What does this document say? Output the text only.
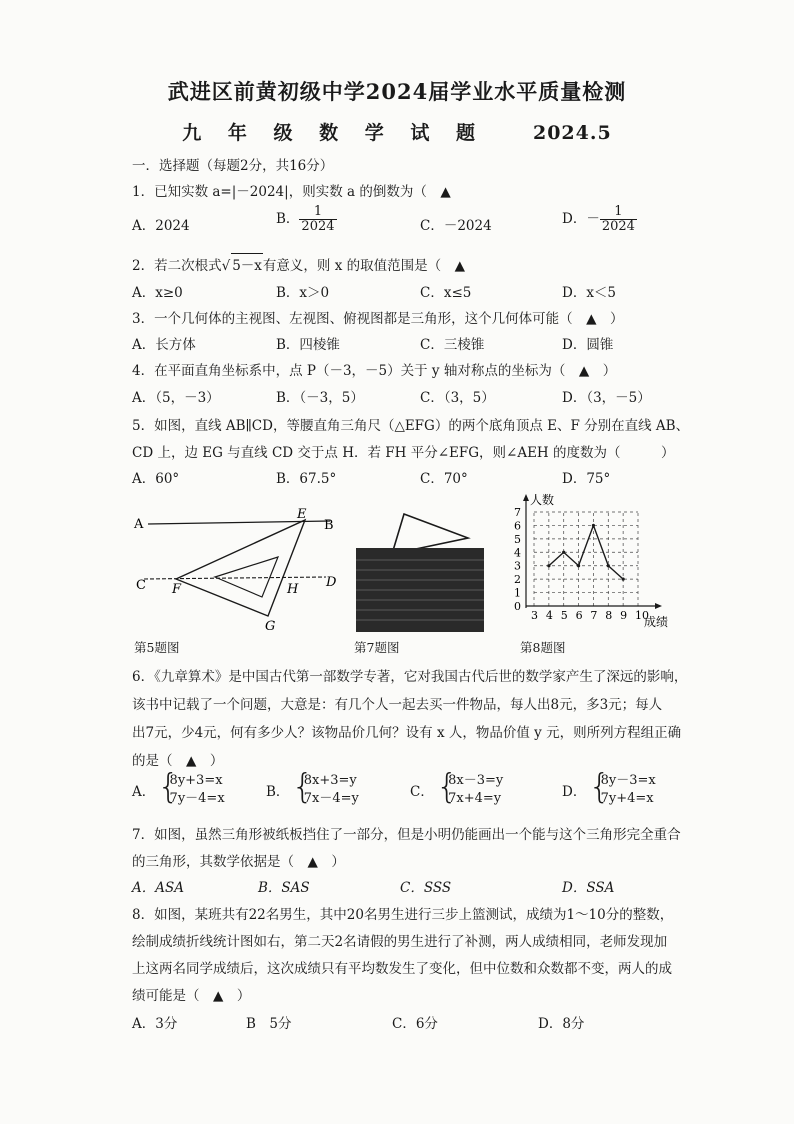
武进区前黄初级中学2024届学业水平质量检测
九 年 级 数 学 试 题	2024.5
一．选择题（每题2分，共16分）
1．已知实数 a=|－2024|，则实数 a 的倒数为（　▲
A．2024	B． $\frac{1}{2024}$	C．－2024	D．－ $\frac{1}{2024}$
2．若二次根式√ 5－x有意义，则 x 的取值范围是（　▲
A．x≥0	B．x＞0	C．x≤5	D．x＜5
3．一个几何体的主视图、左视图、俯视图都是三角形，这个几何体可能（　▲　）
A．长方体	B．四棱锥	C．三棱锥	D．圆锥
4．在平面直角坐标系中，点 P（－3，－5）关于 y 轴对称点的坐标为（　▲　）
A．（5，－3）	B．（－3，5）	C．（3，5）	D．（3，－5）
5．如图，直线 AB∥CD，等腰直角三角尺（△EFG）的两个底角顶点 E、F 分别在直线 AB、
CD 上，边 EG 与直线 CD 交于点 H．若 FH 平分∠EFG，则∠AEH 的度数为（　　　）
A．60°	B．67.5°	C．70°	D．75°
A	B
E
C F	H D
G
第5题图	第7题图
0
1
2
3
4
5
6
7
3 4 5 6 7 8 9 10
人数
成绩
第8题图
6．《九章算术》是中国古代第一部数学专著，它对我国古代后世的数学家产生了深远的影响，
该书中记载了一个问题，大意是：有几个人一起去买一件物品，每人出8元，多3元；每人
出7元，少4元，何有多少人？该物品价几何？设有 x 人，物品价值 y 元，则所列方程组正确
的是（　▲　）
A． {
8y+3=x
7y－4=x	B． {
8x+3=y
7x－4=y	C． {
8x－3=y
7x+4=y	D． {
8y－3=x
7y+4=x
7．如图，虽然三角形被纸板挡住了一部分，但是小明仍能画出一个能与这个三角形完全重合
的三角形，其数学依据是（　▲　）
A．ASA	B．SAS	C．SSS	D．SSA
8．如图，某班共有22名男生，其中20名男生进行三步上篮测试，成绩为1～10分的整数，
绘制成绩折线统计图如右，第二天2名请假的男生进行了补测，两人成绩相同，老师发现加
上这两名同学成绩后，这次成绩只有平均数发生了变化，但中位数和众数都不变，两人的成
绩可能是（　▲　）
A．3分	B　5分	C．6分	D．8分
